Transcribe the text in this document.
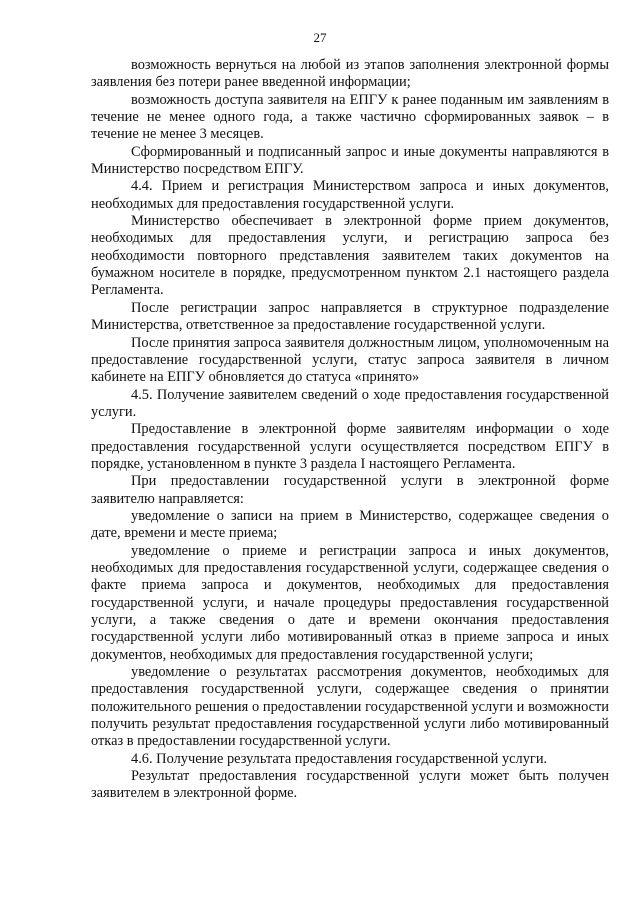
27

возможность вернуться на любой из этапов заполнения электронной формы заявления без потери ранее введенной информации;

возможность доступа заявителя на ЕПГУ к ранее поданным им заявлениям в течение не менее одного года, а также частично сформированных заявок – в течение не менее 3 месяцев.

Сформированный и подписанный запрос и иные документы направляются в Министерство посредством ЕПГУ.

4.4. Прием и регистрация Министерством запроса и иных документов, необходимых для предоставления государственной услуги.

Министерство обеспечивает в электронной форме прием документов, необходимых для предоставления услуги, и регистрацию запроса без необходимости повторного представления заявителем таких документов на бумажном носителе в порядке, предусмотренном пунктом 2.1 настоящего раздела Регламента.

После регистрации запрос направляется в структурное подразделение Министерства, ответственное за предоставление государственной услуги.

После принятия запроса заявителя должностным лицом, уполномоченным на предоставление государственной услуги, статус запроса заявителя в личном кабинете на ЕПГУ обновляется до статуса «принято»

4.5. Получение заявителем сведений о ходе предоставления государственной услуги.

Предоставление в электронной форме заявителям информации о ходе предоставления государственной услуги осуществляется посредством ЕПГУ в порядке, установленном в пункте 3 раздела I настоящего Регламента.

При предоставлении государственной услуги в электронной форме заявителю направляется:

уведомление о записи на прием в Министерство, содержащее сведения о дате, времени и месте приема;

уведомление о приеме и регистрации запроса и иных документов, необходимых для предоставления государственной услуги, содержащее сведения о факте приема запроса и документов, необходимых для предоставления государственной услуги, и начале процедуры предоставления государственной услуги, а также сведения о дате и времени окончания предоставления государственной услуги либо мотивированный отказ в приеме запроса и иных документов, необходимых для предоставления государственной услуги;

уведомление о результатах рассмотрения документов, необходимых для предоставления государственной услуги, содержащее сведения о принятии положительного решения о предоставлении государственной услуги и возможности получить результат предоставления государственной услуги либо мотивированный отказ в предоставлении государственной услуги.

4.6. Получение результата предоставления государственной услуги.

Результат предоставления государственной услуги может быть получен заявителем в электронной форме.
